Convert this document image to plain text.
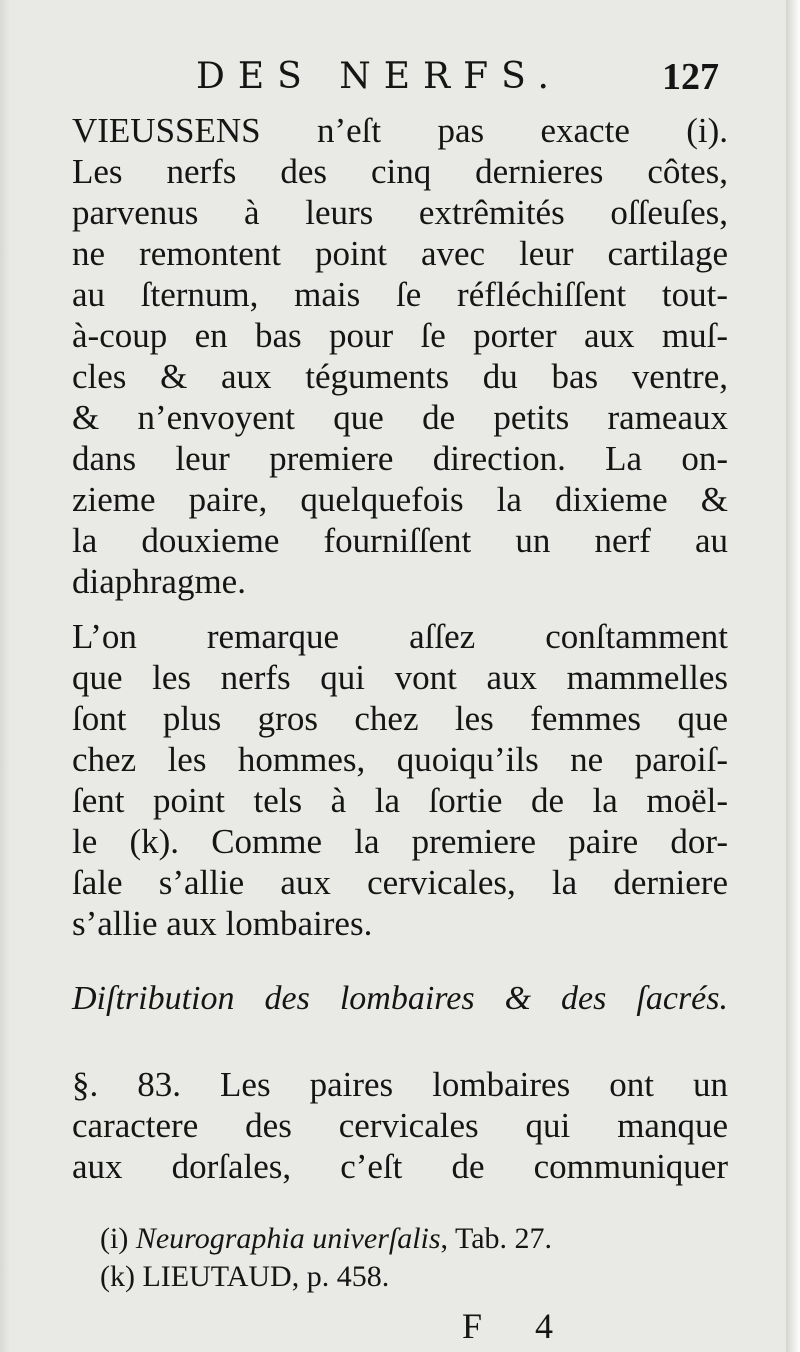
DES NERFS.	127
VIEUSSENS n’eſt pas exacte (i).
Les nerfs des cinq dernieres côtes,
parvenus à leurs extrêmités oſſeuſes,
ne remontent point avec leur cartilage
au ſternum, mais ſe réfléchiſſent tout-
à-coup en bas pour ſe porter aux muſ-
cles & aux téguments du bas ventre,
& n’envoyent que de petits rameaux
dans leur premiere direction. La on-
zieme paire, quelquefois la dixieme &
la douxieme fourniſſent un nerf au
diaphragme.
L’on remarque aſſez conſtamment
que les nerfs qui vont aux mammelles
ſont plus gros chez les femmes que
chez les hommes, quoiqu’ils ne paroiſ-
ſent point tels à la ſortie de la moël-
le (k). Comme la premiere paire dor-
ſale s’allie aux cervicales, la derniere
s’allie aux lombaires.
Diſtribution des lombaires & des ſacrés.
§. 83. Les paires lombaires ont un
caractere des cervicales qui manque
aux dorſales, c’eſt de communiquer
(i) Neurographia univerſalis, Tab. 27.
(k) LIEUTAUD, p. 458.
F 4
